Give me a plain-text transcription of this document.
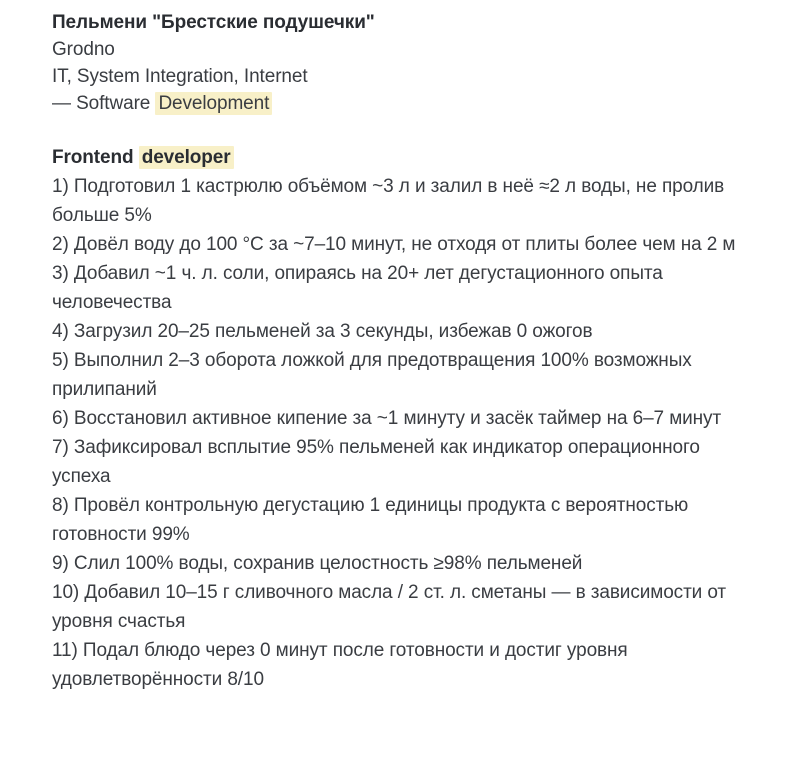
Пельмени "Брестские подушечки"

Grodno

IT, System Integration, Internet

— Software Development

Frontend developer

1) Подготовил 1 кастрюлю объёмом ~3 л и залил в неё ≈2 л воды, не пролив больше 5%

2) Довёл воду до 100 °C за ~7–10 минут, не отходя от плиты более чем на 2 м

3) Добавил ~1 ч. л. соли, опираясь на 20+ лет дегустационного опыта человечества

4) Загрузил 20–25 пельменей за 3 секунды, избежав 0 ожогов

5) Выполнил 2–3 оборота ложкой для предотвращения 100% возможных прилипаний

6) Восстановил активное кипение за ~1 минуту и засёк таймер на 6–7 минут

7) Зафиксировал всплытие 95% пельменей как индикатор операционного успеха

8) Провёл контрольную дегустацию 1 единицы продукта с вероятностью готовности 99%

9) Слил 100% воды, сохранив целостность ≥98% пельменей

10) Добавил 10–15 г сливочного масла / 2 ст. л. сметаны — в зависимости от уровня счастья

11) Подал блюдо через 0 минут после готовности и достиг уровня удовлетворённости 8/10
